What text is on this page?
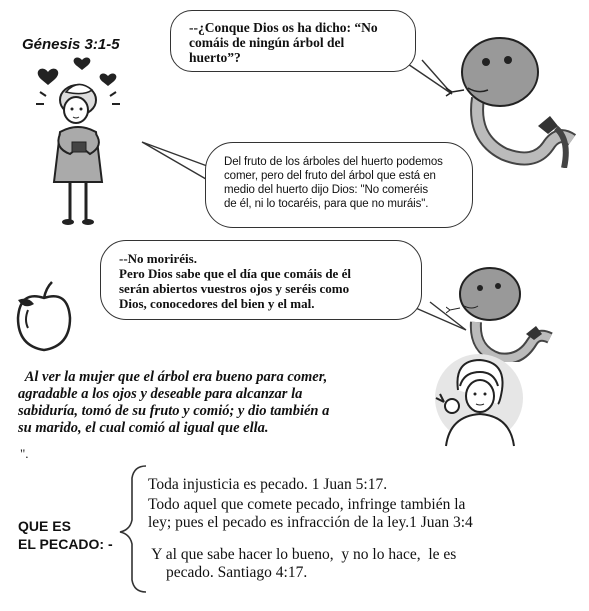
Génesis 3:1-5
--¿Conque Dios os ha dicho: “No
comáis de ningún árbol del
huerto”?
Del fruto de los árboles del huerto podemos
comer, pero del fruto del árbol que está en
medio del huerto dijo Dios: "No comeréis
de él, ni lo tocaréis, para que no muráis".
--No moriréis.
Pero Dios sabe que el día que comáis de él
serán abiertos vuestros ojos y seréis como
Dios, conocedores del bien y el mal.
Al ver la mujer que el árbol era bueno para comer,
agradable a los ojos y deseable para alcanzar la
sabiduría, tomó de su fruto y comió; y dio también a
su marido, el cual comió al igual que ella.
".
QUE ES
EL PECADO: -
Toda injusticia es pecado. 1 Juan 5:17.
Todo aquel que comete pecado, infringe también la
ley; pues el pecado es infracción de la ley.1 Juan 3:4
Y al que sabe hacer lo bueno,  y no lo hace,  le es
pecado. Santiago 4:17.
